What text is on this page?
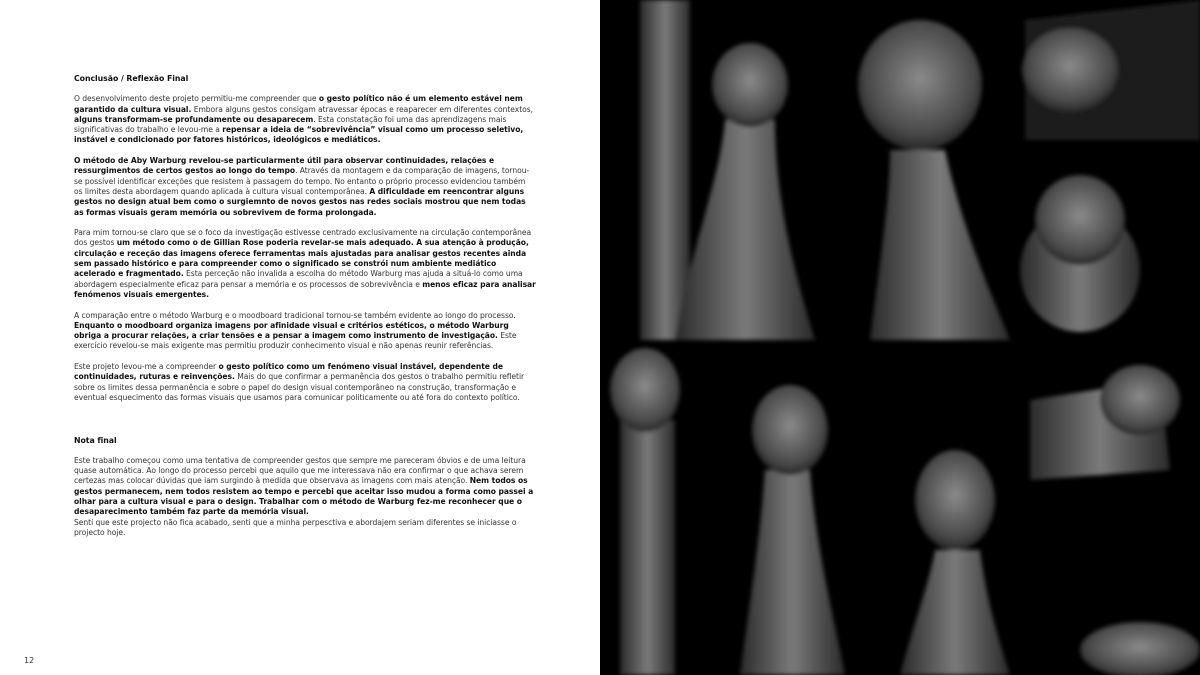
Conclusão / Reflexão Final

O desenvolvimento deste projeto permitiu-me compreender que o gesto político não é um elemento estável nem garantido da cultura visual. Embora alguns gestos consigam atravessar épocas e reaparecer em diferentes contextos, alguns transformam-se profundamente ou desaparecem. Esta constatação foi uma das aprendizagens mais significativas do trabalho e levou-me a repensar a ideia de “sobrevivência” visual como um processo seletivo, instável e condicionado por fatores históricos, ideológicos e mediáticos.

O método de Aby Warburg revelou-se particularmente útil para observar continuidades, relações e ressurgimentos de certos gestos ao longo do tempo. Através da montagem e da comparação de imagens, tornou-se possível identificar exceções que resistem à passagem do tempo. No entanto o próprio processo evidenciou também os limites desta abordagem quando aplicada à cultura visual contemporânea. A dificuldade em reencontrar alguns gestos no design atual bem como o surgiemnto de novos gestos nas redes sociais mostrou que nem todas as formas visuais geram memória ou sobrevivem de forma prolongada.

Para mim tornou-se claro que se o foco da investigação estivesse centrado exclusivamente na circulação contemporânea dos gestos um método como o de Gillian Rose poderia revelar-se mais adequado. A sua atenção à produção, circulação e receção das imagens oferece ferramentas mais ajustadas para analisar gestos recentes ainda sem passado histórico e para compreender como o significado se constrói num ambiente mediático acelerado e fragmentado. Esta perceção não invalida a escolha do método Warburg mas ajuda a situá-lo como uma abordagem especialmente eficaz para pensar a memória e os processos de sobrevivência e menos eficaz para analisar fenómenos visuais emergentes.

A comparação entre o método Warburg e o moodboard tradicional tornou-se também evidente ao longo do processo. Enquanto o moodboard organiza imagens por afinidade visual e critérios estéticos, o método Warburg obriga a procurar relações, a criar tensões e a pensar a imagem como instrumento de investigação. Este exercício revelou-se mais exigente mas permitiu produzir conhecimento visual e não apenas reunir referências.

Este projeto levou-me a compreender o gesto político como um fenómeno visual instável, dependente de continuidades, ruturas e reinvenções. Mais do que confirmar a permanência dos gestos o trabalho permitiu refletir sobre os limites dessa permanência e sobre o papel do design visual contemporâneo na construção, transformação e eventual esquecimento das formas visuais que usamos para comunicar politicamente ou até fora do contexto político.

Nota final

Este trabalho começou como uma tentativa de compreender gestos que sempre me pareceram óbvios e de uma leitura quase automática. Ao longo do processo percebi que aquilo que me interessava não era confirmar o que achava serem certezas mas colocar dúvidas que iam surgindo à medida que observava as imagens com mais atenção. Nem todos os gestos permanecem, nem todos resistem ao tempo e percebi que aceitar isso mudou a forma como passei a olhar para a cultura visual e para o design. Trabalhar com o método de Warburg fez-me reconhecer que o desaparecimento também faz parte da memória visual.

Senti que este projecto não fica acabado, senti que a minha perpesctiva e abordajem seriam diferentes se iniciasse o projecto hoje.

12
